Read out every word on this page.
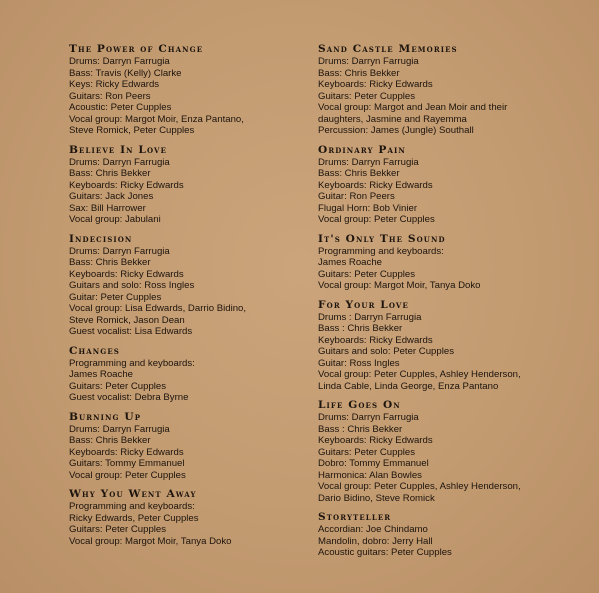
The Power of Change
Drums: Darryn Farrugia
Bass: Travis (Kelly) Clarke
Keys: Ricky Edwards
Guitars: Ron Peers
Acoustic: Peter Cupples
Vocal group: Margot Moir, Enza Pantano,
Steve Romick, Peter Cupples
Believe In Love
Drums: Darryn Farrugia
Bass: Chris Bekker
Keyboards: Ricky Edwards
Guitars: Jack Jones
Sax: Bill Harrower
Vocal group: Jabulani
Indecision
Drums: Darryn Farrugia
Bass: Chris Bekker
Keyboards: Ricky Edwards
Guitars and solo: Ross Ingles
Guitar: Peter Cupples
Vocal group: Lisa Edwards, Darrio Bidino,
Steve Romick, Jason Dean
Guest vocalist: Lisa Edwards
Changes
Programming and keyboards:
James Roache
Guitars: Peter Cupples
Guest vocalist: Debra Byrne
Burning Up
Drums: Darryn Farrugia
Bass: Chris Bekker
Keyboards: Ricky Edwards
Guitars: Tommy Emmanuel
Vocal group: Peter Cupples
Why You Went Away
Programming and keyboards:
Ricky Edwards, Peter Cupples
Guitars: Peter Cupples
Vocal group: Margot Moir, Tanya Doko
Sand Castle Memories
Drums: Darryn Farrugia
Bass: Chris Bekker
Keyboards: Ricky Edwards
Guitars: Peter Cupples
Vocal group: Margot and Jean Moir and their
daughters, Jasmine and Rayemma
Percussion: James (Jungle) Southall
Ordinary Pain
Drums: Darryn Farrugia
Bass: Chris Bekker
Keyboards: Ricky Edwards
Guitar: Ron Peers
Flugal Horn: Bob Vinier
Vocal group: Peter Cupples
It's Only The Sound
Programming and keyboards:
James Roache
Guitars: Peter Cupples
Vocal group: Margot Moir, Tanya Doko
For Your Love
Drums : Darryn Farrugia
Bass : Chris Bekker
Keyboards: Ricky Edwards
Guitars and solo: Peter Cupples
Guitar: Ross Ingles
Vocal group: Peter Cupples, Ashley Henderson,
Linda Cable, Linda George, Enza Pantano
Life Goes On
Drums: Darryn Farrugia
Bass : Chris Bekker
Keyboards: Ricky Edwards
Guitars: Peter Cupples
Dobro: Tommy Emmanuel
Harmonica: Alan Bowles
Vocal group: Peter Cupples, Ashley Henderson,
Dario Bidino, Steve Romick
Storyteller
Accordian: Joe Chindamo
Mandolin, dobro: Jerry Hall
Acoustic guitars: Peter Cupples
